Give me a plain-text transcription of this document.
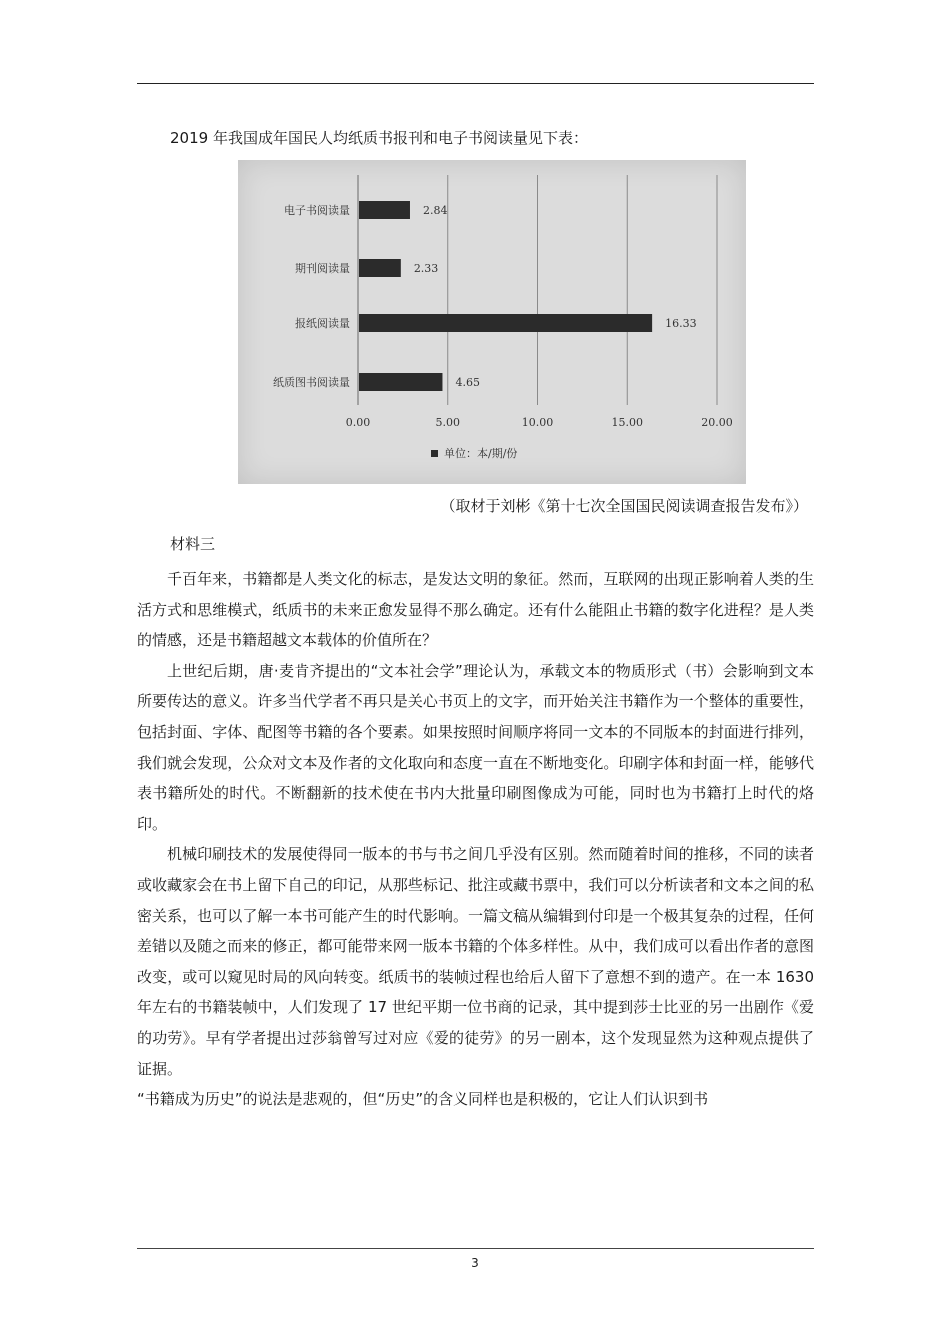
2019 年我国成年国民人均纸质书报刊和电子书阅读量见下表：
0.00	5.00	10.00	15.00	20.00
电子书阅读量	2.84
期刊阅读量	2.33
报纸阅读量	16.33
纸质图书阅读量	4.65
单位：本/期/份
（取材于刘彬《第十七次全国国民阅读调查报告发布》）
材料三

千百年来，书籍都是人类文化的标志，是发达文明的象征。然而，互联网的出现正影响着人类的生活方式和思维模式，纸质书的未来正愈发显得不那么确定。还有什么能阻止书籍的数字化进程？是人类的情感，还是书籍超越文本载体的价值所在？

上世纪后期，唐·麦肯齐提出的“文本社会学”理论认为，承载文本的物质形式（书）会影响到文本所要传达的意义。许多当代学者不再只是关心书页上的文字，而开始关注书籍作为一个整体的重要性，包括封面、字体、配图等书籍的各个要素。如果按照时间顺序将同一文本的不同版本的封面进行排列，我们就会发现，公众对文本及作者的文化取向和态度一直在不断地变化。印刷字体和封面一样，能够代表书籍所处的时代。不断翻新的技术使在书内大批量印刷图像成为可能，同时也为书籍打上时代的烙印。

机械印刷技术的发展使得同一版本的书与书之间几乎没有区别。然而随着时间的推移，不同的读者或收藏家会在书上留下自己的印记，从那些标记、批注或藏书票中，我们可以分析读者和文本之间的私密关系，也可以了解一本书可能产生的时代影响。一篇文稿从编辑到付印是一个极其复杂的过程，任何差错以及随之而来的修正，都可能带来网一版本书籍的个体多样性。从中，我们成可以看出作者的意图改变，或可以窥见时局的风向转变。纸质书的装帧过程也给后人留下了意想不到的遗产。在一本 1630 年左右的书籍装帧中，人们发现了 17 世纪平期一位书商的记录，其中提到莎士比亚的另一出剧作《爱的功劳》。早有学者提出过莎翁曾写过对应《爱的徒劳》的另一剧本，这个发现显然为这种观点提供了证据。

“书籍成为历史”的说法是悲观的，但“历史”的含义同样也是积极的，它让人们认识到书

3
